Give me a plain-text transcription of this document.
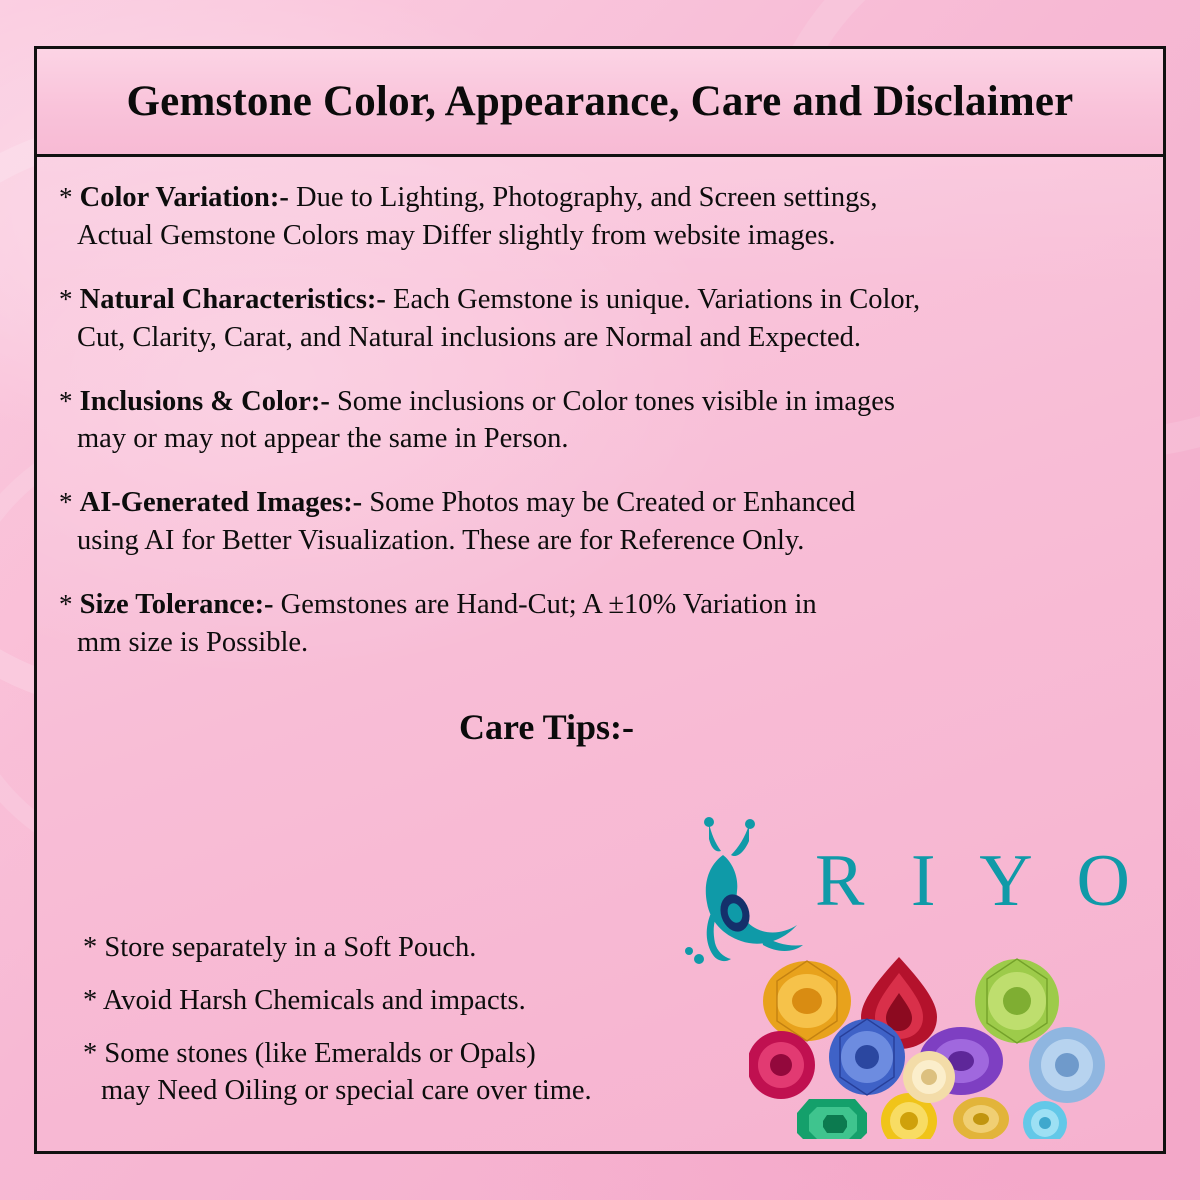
Gemstone Color, Appearance, Care and Disclaimer

* Color Variation:- Due to Lighting, Photography, and Screen settings,
Actual Gemstone Colors may Differ slightly from website images.

* Natural Characteristics:- Each Gemstone is unique. Variations in Color,
Cut, Clarity, Carat, and Natural inclusions are Normal and Expected.

* Inclusions & Color:- Some inclusions or Color tones visible in images
may or may not appear the same in Person.

* AI-Generated Images:- Some Photos may be Created or Enhanced
using AI for Better Visualization. These are for Reference Only.

* Size Tolerance:- Gemstones are Hand-Cut; A ±10% Variation in
mm size is Possible.

Care Tips:-

* Store separately in a Soft Pouch.

* Avoid Harsh Chemicals and impacts.

* Some stones (like Emeralds or Opals)
may Need Oiling or special care over time.

R I Y O
